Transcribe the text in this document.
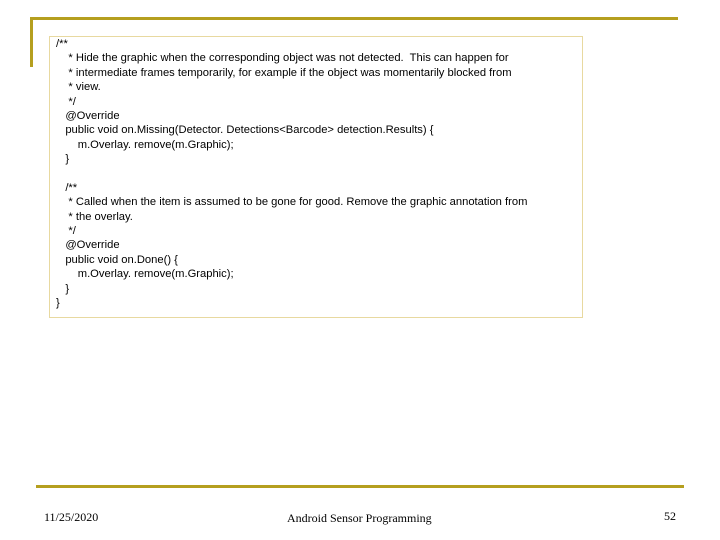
/**
* Hide the graphic when the corresponding object was not detected.  This can happen for
* intermediate frames temporarily, for example if the object was momentarily blocked from
* view.
*/
@Override
public void on.Missing(Detector. Detections<Barcode> detection.Results) {
m.Overlay. remove(m.Graphic);
}
/**
* Called when the item is assumed to be gone for good. Remove the graphic annotation from
* the overlay.
*/
@Override
public void on.Done() {
m.Overlay. remove(m.Graphic);
}
}
11/25/2020	Android Sensor Programming	52
